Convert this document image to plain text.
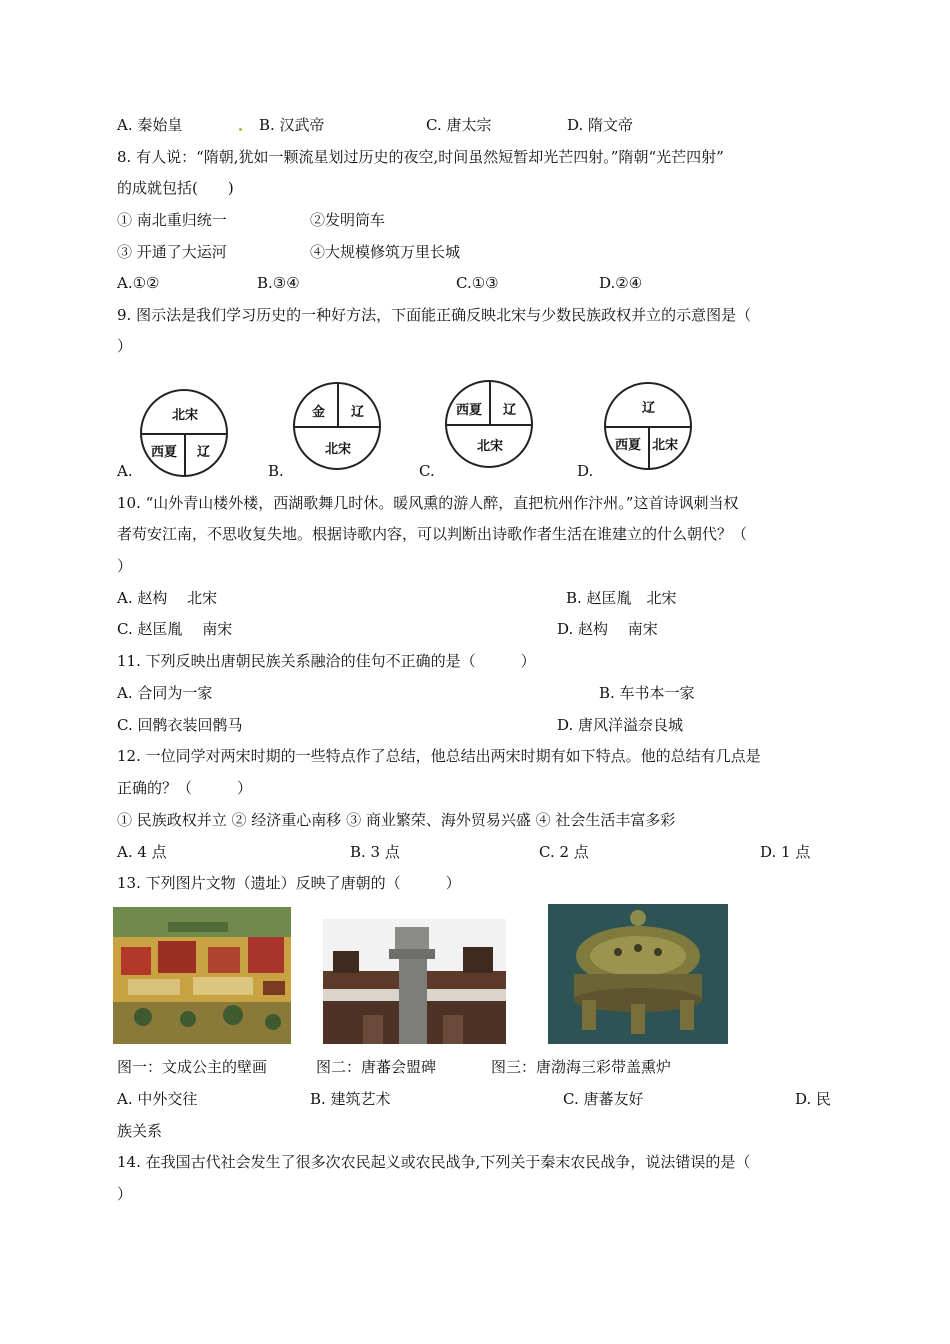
A. 秦始皇	B. 汉武帝	C. 唐太宗	D. 隋文帝
8. 有人说：“隋朝,犹如一颗流星划过历史的夜空,时间虽然短暂却光芒四射。”隋朝“光芒四射”
的成就包括(　　)
① 南北重归统一	②发明筒车
③ 开通了大运河	④大规模修筑万里长城
A.①②	B.③④	C.①③	D.②④
9. 图示法是我们学习历史的一种好方法，下面能正确反映北宋与少数民族政权并立的示意图是（
）
北宋
西夏 辽
A.
金 辽
北宋
B.
西夏 辽
北宋
C.
辽
西夏 北宋
D.
10. “山外青山楼外楼，西湖歌舞几时休。暖风熏的游人醉，直把杭州作汴州。”这首诗讽刺当权
者苟安江南，不思收复失地。根据诗歌内容，可以判断出诗歌作者生活在谁建立的什么朝代？（
）
A. 赵构　 北宋	B. 赵匡胤　北宋
C. 赵匡胤　 南宋	D. 赵构　 南宋
11. 下列反映出唐朝民族关系融洽的佳句不正确的是（　　　）
A. 合同为一家	B. 车书本一家
C. 回鹘衣装回鹘马	D. 唐风洋溢奈良城
12. 一位同学对两宋时期的一些特点作了总结，他总结出两宋时期有如下特点。他的总结有几点是
正确的？（　　　）
① 民族政权并立 ② 经济重心南移 ③ 商业繁荣、海外贸易兴盛 ④ 社会生活丰富多彩
A. 4 点	B. 3 点	C. 2 点	D. 1 点
13. 下列图片文物（遗址）反映了唐朝的（　　　）
图一：文成公主的壁画	图二：唐蕃会盟碑	图三：唐渤海三彩带盖熏炉
A. 中外交往	B. 建筑艺术	C. 唐蕃友好	D. 民
族关系
14. 在我国古代社会发生了很多次农民起义或农民战争,下列关于秦末农民战争，说法错误的是（
）
